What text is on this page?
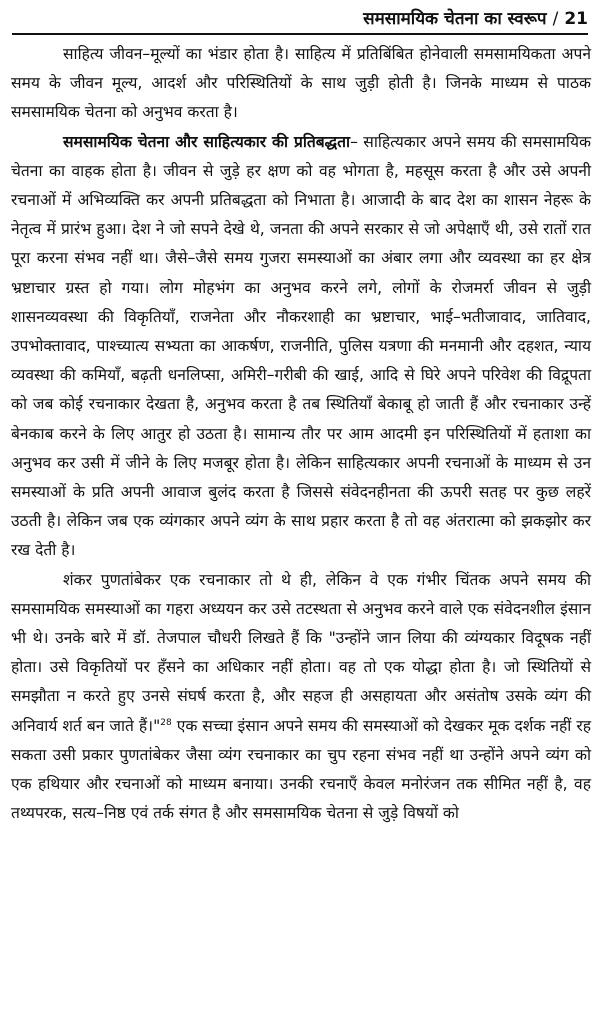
समसामयिक चेतना का स्वरूप / 21

साहित्य जीवन–मूल्यों का भंडार होता है। साहित्य में प्रतिबिंबित होनेवाली समसामयिकता अपने समय के जीवन मूल्य, आदर्श और परिस्थितियों के साथ जुड़ी होती है। जिनके माध्यम से पाठक समसामयिक चेतना को अनुभव करता है।

समसामयिक चेतना और साहित्यकार की प्रतिबद्धता– साहित्यकार अपने समय की समसामयिक चेतना का वाहक होता है। जीवन से जुड़े हर क्षण को वह भोगता है, महसूस करता है और उसे अपनी रचनाओं में अभिव्यक्ति कर अपनी प्रतिबद्धता को निभाता है। आजादी के बाद देश का शासन नेहरू के नेतृत्व में प्रारंभ हुआ। देश ने जो सपने देखे थे, जनता की अपने सरकार से जो अपेक्षाएँ थी, उसे रातों रात पूरा करना संभव नहीं था। जैसे–जैसे समय गुजरा समस्याओं का अंबार लगा और व्यवस्था का हर क्षेत्र भ्रष्टाचार ग्रस्त हो गया। लोग मोहभंग का अनुभव करने लगे, लोगों के रोजमर्रा जीवन से जुड़ी शासनव्यवस्था की विकृतियाँ, राजनेता और नौकरशाही का भ्रष्टाचार, भाई–भतीजावाद, जातिवाद, उपभोक्तावाद, पाश्च्यात्य सभ्यता का आकर्षण, राजनीति, पुलिस यत्रणा की मनमानी और दहशत, न्याय व्यवस्था की कमियाँ, बढ़ती धनलिप्सा, अमिरी–गरीबी की खाई, आदि से घिरे अपने परिवेश की विद्रूपता को जब कोई रचनाकार देखता है, अनुभव करता है तब स्थितियाँ बेकाबू हो जाती हैं और रचनाकार उन्हें बेनकाब करने के लिए आतुर हो उठता है। सामान्य तौर पर आम आदमी इन परिस्थितियों में हताशा का अनुभव कर उसी में जीने के लिए मजबूर होता है। लेकिन साहित्यकार अपनी रचनाओं के माध्यम से उन समस्याओं के प्रति अपनी आवाज बुलंद करता है जिससे संवेदनहीनता की ऊपरी सतह पर कुछ लहरें उठती है। लेकिन जब एक व्यंगकार अपने व्यंग के साथ प्रहार करता है तो वह अंतरात्मा को झकझोर कर रख देती है।

शंकर पुणतांबेकर एक रचनाकार तो थे ही, लेकिन वे एक गंभीर चिंतक अपने समय की समसामयिक समस्याओं का गहरा अध्ययन कर उसे तटस्थता से अनुभव करने वाले एक संवेदनशील इंसान भी थे। उनके बारे में डॉ. तेजपाल चौधरी लिखते हैं कि "उन्होंने जान लिया की व्यंग्यकार विदूषक नहीं होता। उसे विकृतियों पर हँसने का अधिकार नहीं होता। वह तो एक योद्धा होता है। जो स्थितियों से समझौता न करते हुए उनसे संघर्ष करता है, और सहज ही असहायता और असंतोष उसके व्यंग की अनिवार्य शर्त बन जाते हैं।"$^{28}$ एक सच्चा इंसान अपने समय की समस्याओं को देखकर मूक दर्शक नहीं रह सकता उसी प्रकार पुणतांबेकर जैसा व्यंग रचनाकार का चुप रहना संभव नहीं था उन्होंने अपने व्यंग को एक हथियार और रचनाओं को माध्यम बनाया। उनकी रचनाएँ केवल मनोरंजन तक सीमित नहीं है, वह तथ्यपरक, सत्य–निष्ठ एवं तर्क संगत है और समसामयिक चेतना से जुड़े विषयों को
